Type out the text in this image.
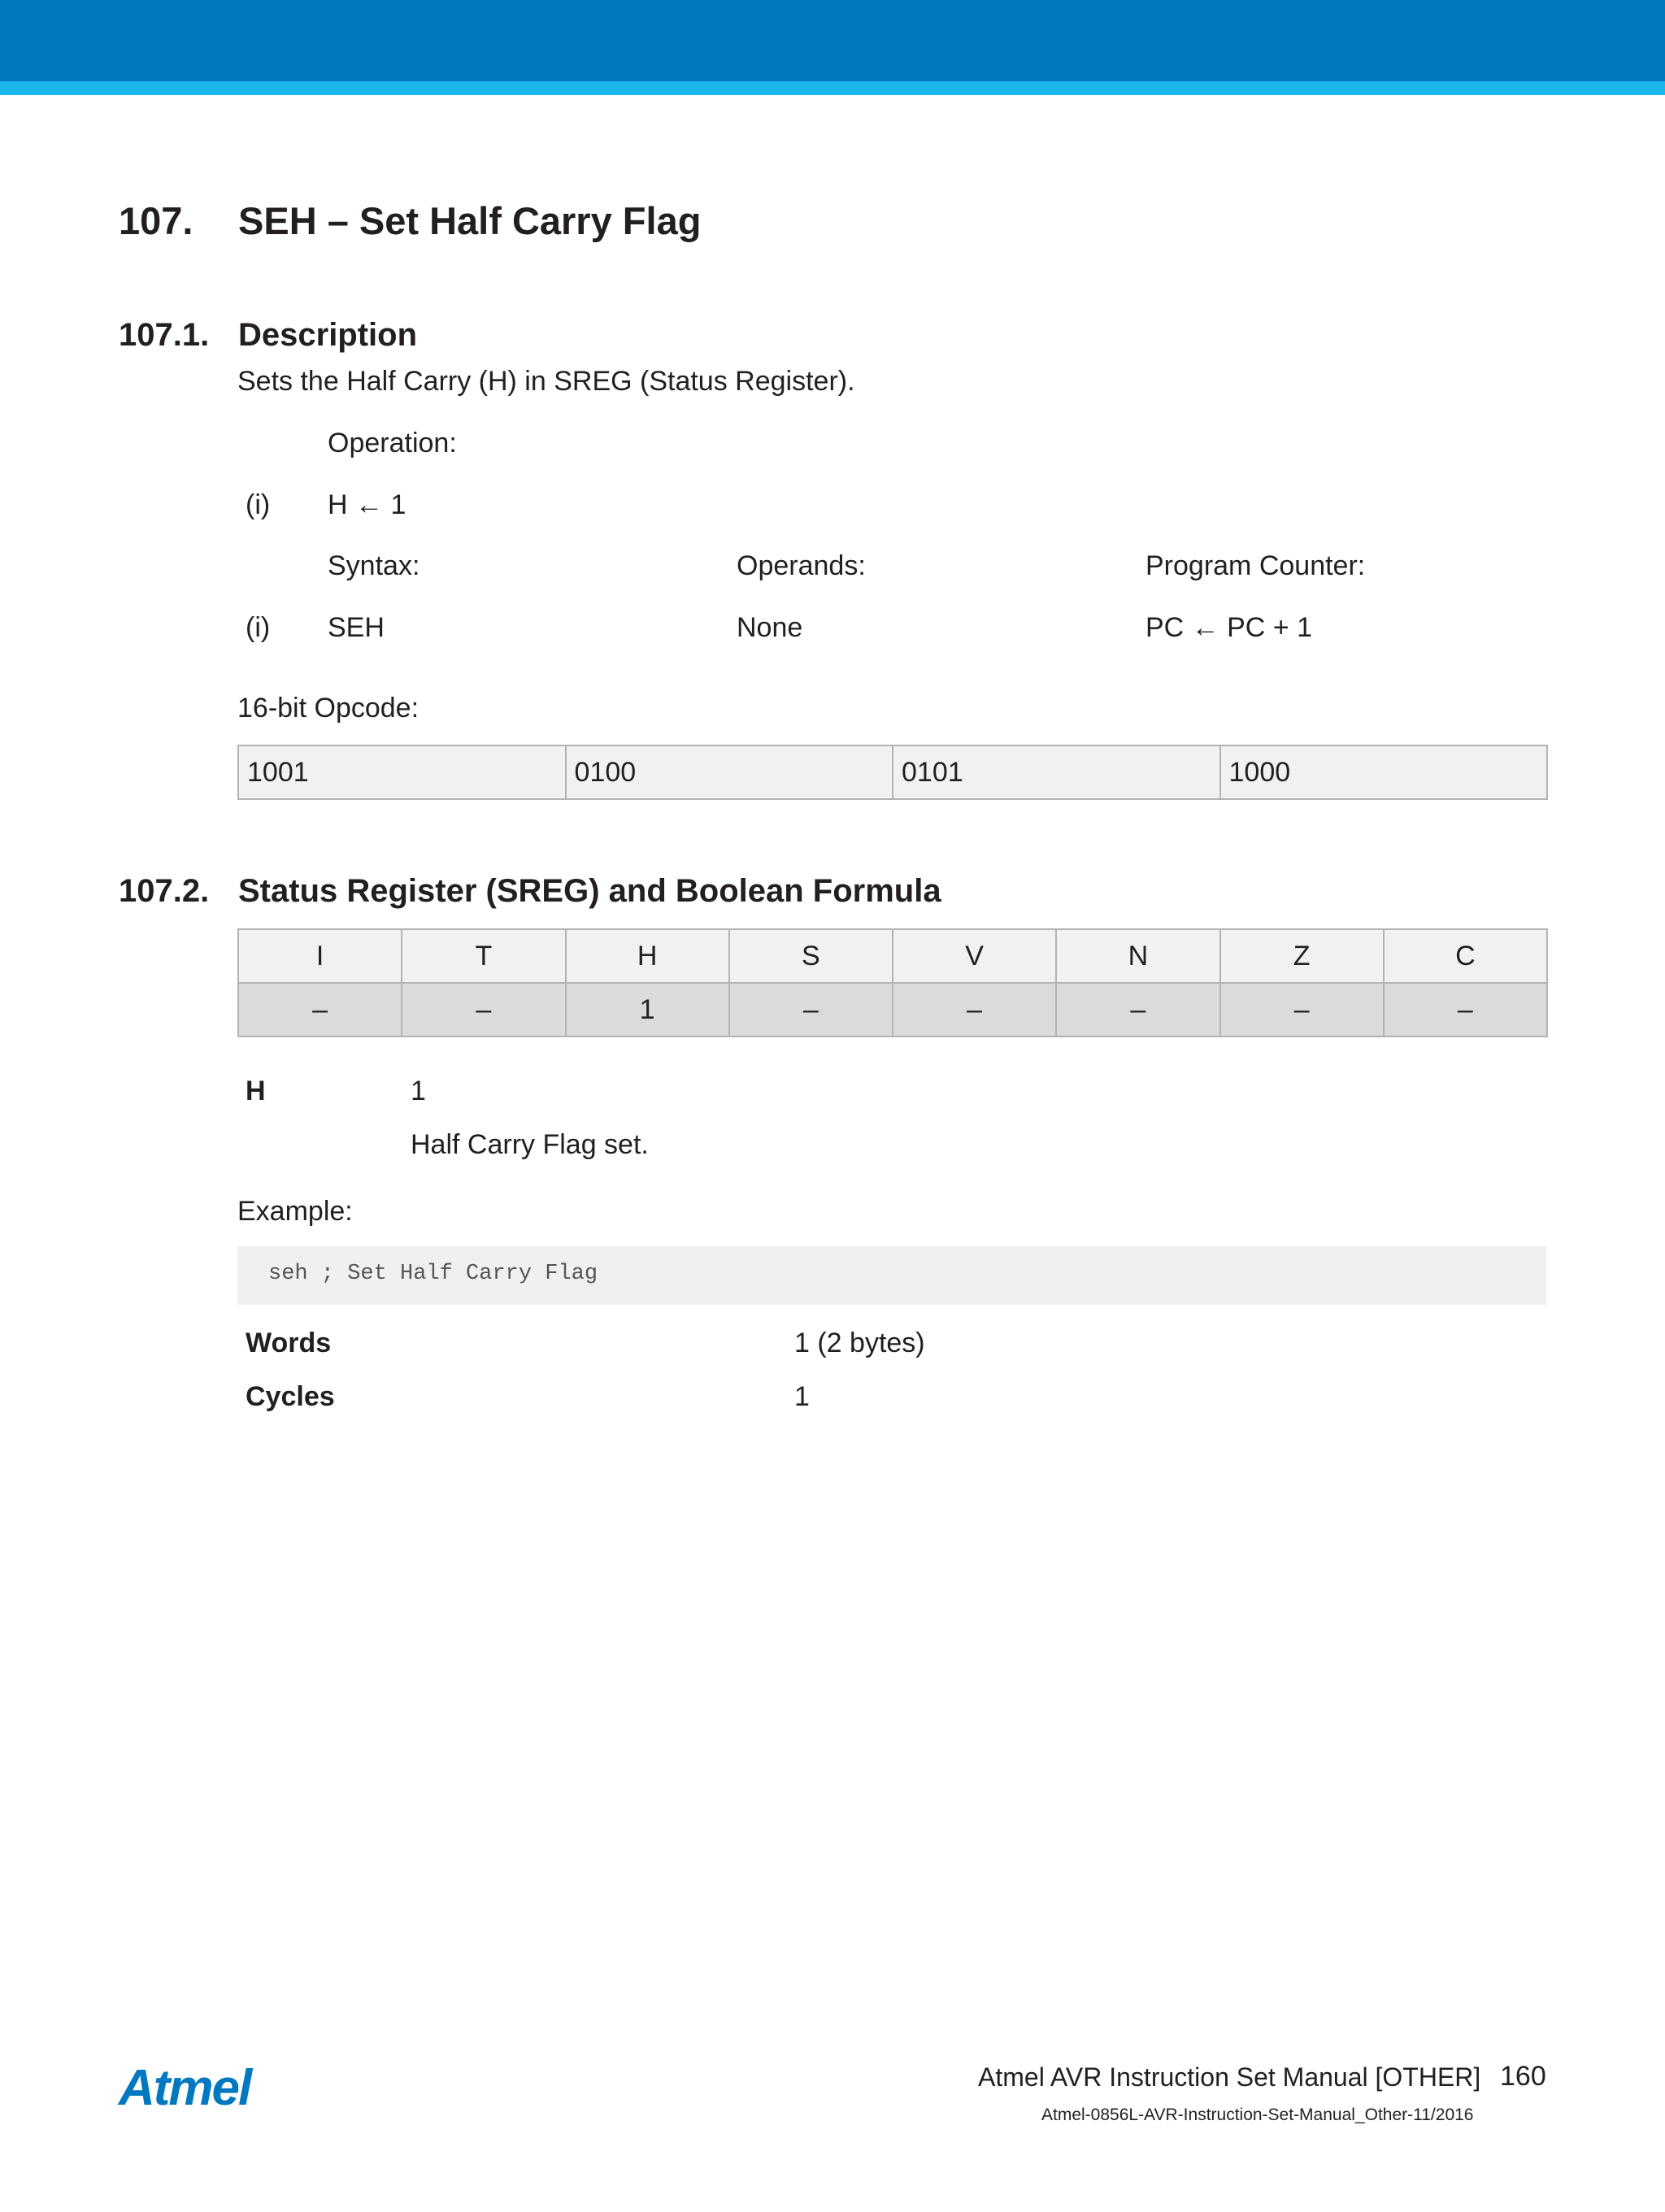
107. SEH – Set Half Carry Flag
107.1. Description
Sets the Half Carry (H) in SREG (Status Register).
Operation:
(i) H ← 1
Syntax:	Operands:	Program Counter:
(i) SEH	None	PC ← PC + 1
16-bit Opcode:
1001	0100	0101	1000
107.2. Status Register (SREG) and Boolean Formula
I	T	H	S	V	N	Z	C
–	–	1	–	–	–	–	–
H	1
Half Carry Flag set.
Example:
seh ; Set Half Carry Flag
Words	1 (2 bytes)
Cycles	1
Atmel	Atmel AVR Instruction Set Manual [OTHER] 160
Atmel-0856L-AVR-Instruction-Set-Manual_Other-11/2016
